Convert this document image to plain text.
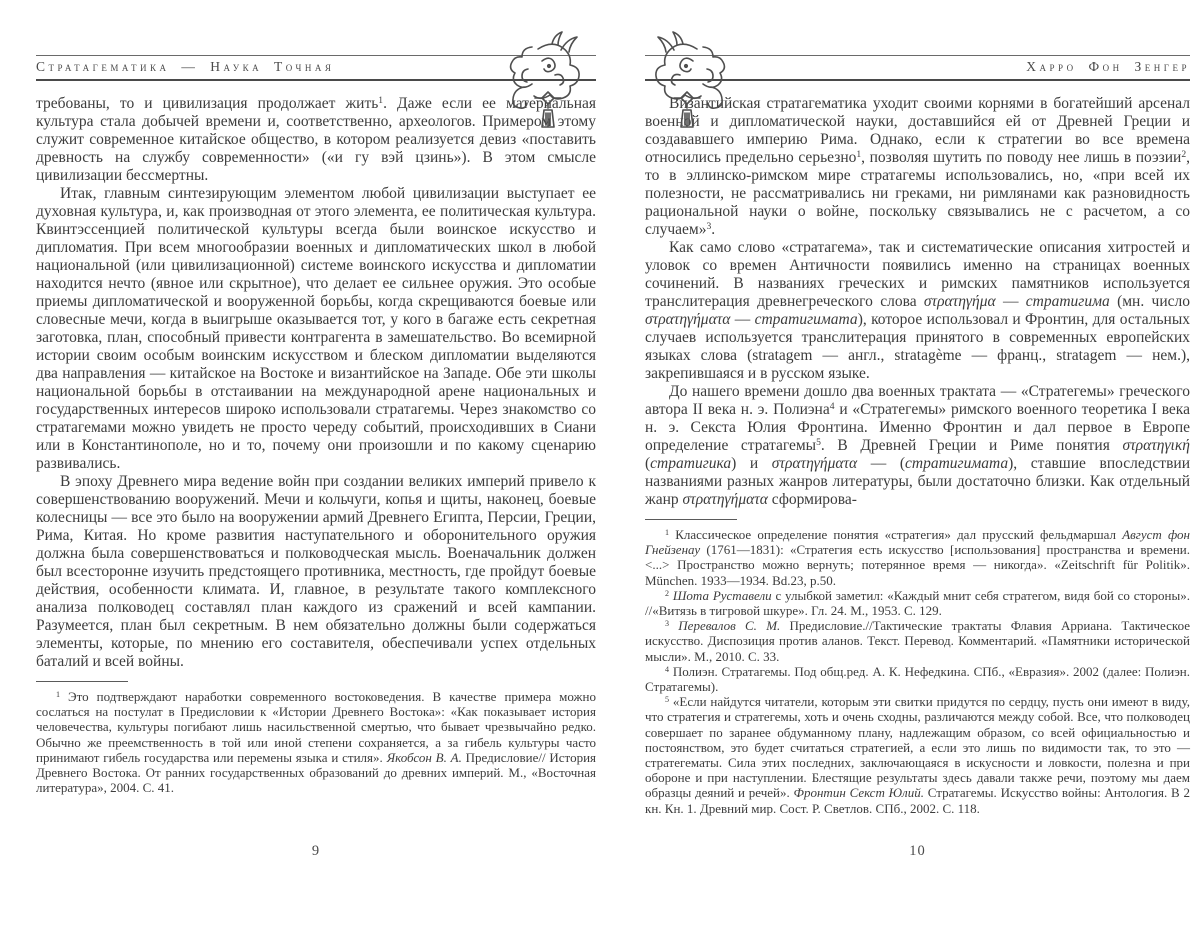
Стратагематика — Наука Точная

требованы, то и цивилизация продолжает жить$^1$. Даже если ее материальная культура стала добычей времени и, соответственно, археологов. Примером этому служит современное китайское общество, в котором реализуется девиз «поставить древность на службу современности» («и гу вэй цзинь»). В этом смысле цивилизации бессмертны.

Итак, главным синтезирующим элементом любой цивилизации выступает ее духовная культура, и, как производная от этого элемента, ее политическая культура. Квинтэссенцией политической культуры всегда были воинское искусство и дипломатия. При всем многообразии военных и дипломатических школ в любой национальной (или цивилизационной) системе воинского искусства и дипломатии находится нечто (явное или скрытное), что делает ее сильнее оружия. Это особые приемы дипломатической и вооруженной борьбы, когда скрещиваются боевые или словесные мечи, когда в выигрыше оказывается тот, у кого в багаже есть секретная заготовка, план, способный привести контрагента в замешательство. Во всемирной истории своим особым воинским искусством и блеском дипломатии выделяются два направления — китайское на Востоке и византийское на Западе. Обе эти школы национальной борьбы в отстаивании на международной арене национальных и государственных интересов широко использовали стратагемы. Через знакомство со стратагемами можно увидеть не просто череду событий, происходивших в Сиани или в Константинополе, но и то, почему они произошли и по какому сценарию развивались.

В эпоху Древнего мира ведение войн при создании великих империй привело к совершенствованию вооружений. Мечи и кольчуги, копья и щиты, наконец, боевые колесницы — все это было на вооружении армий Древнего Египта, Персии, Греции, Рима, Китая. Но кроме развития наступательного и оборонительного оружия должна была совершенствоваться и полководческая мысль. Военачальник должен был всесторонне изучить предстоящего противника, местность, где пройдут боевые действия, особенности климата. И, главное, в результате такого комплексного анализа полководец составлял план каждого из сражений и всей кампании. Разумеется, план был секретным. В нем обязательно должны были содержаться элементы, которые, по мнению его составителя, обеспечивали успех отдельных баталий и всей войны.

$^1$ Это подтверждают наработки современного востоковедения. В качестве примера можно сослаться на постулат в Предисловии к «Истории Древнего Востока»: «Как показывает история человечества, культуры погибают лишь насильственной смертью, что бывает чрезвычайно редко. Обычно же преемственность в той или иной степени сохраняется, а за гибель культуры часто принимают гибель государства или перемены языка и стиля». Якобсон В. А. Предисловие// История Древнего Востока. От ранних государственных образований до древних империй. М., «Восточная литература», 2004. С. 41.

9
Харро Фон Зенгер

Византийская стратагематика уходит своими корнями в богатейший арсенал военной и дипломатической науки, доставшийся ей от Древней Греции и создававшего империю Рима. Однако, если к стратегии во все времена относились предельно серьезно$^1$, позволяя шутить по поводу нее лишь в поэзии$^2$, то в эллинско-римском мире стратагемы использовались, но, «при всей их полезности, не рассматривались ни греками, ни римлянами как разновидность рациональной науки о войне, поскольку связывались не с расчетом, а со случаем»$^3$.

Как само слово «стратагема», так и систематические описания хитростей и уловок со времен Античности появились именно на страницах военных сочинений. В названиях греческих и римских памятников используется транслитерация древнегреческого слова στρατηγήμα — стратигима (мн. число στρατηγήματα — стратигимата), которое использовал и Фронтин, для остальных случаев используется транслитерация принятого в современных европейских языках слова (stratagem — англ., stratagème — франц., stratagem — нем.), закрепившаяся и в русском языке.

До нашего времени дошло два военных трактата — «Стратегемы» греческого автора II века н. э. Полиэна$^4$ и «Стратегемы» римского военного теоретика I века н. э. Секста Юлия Фронтина. Именно Фронтин и дал первое в Европе определение стратагемы$^5$. В Древней Греции и Риме понятия στρατηγική (стратигика) и στρατηγήματα — (стратигимата), ставшие впоследствии названиями разных жанров литературы, были достаточно близки. Как отдельный жанр στρατηγήματα сформирова-

$^1$ Классическое определение понятия «стратегия» дал прусский фельдмаршал Август фон Гнейзенау (1761—1831): «Стратегия есть искусство [использования] пространства и времени. <...> Пространство можно вернуть; потерянное время — никогда». «Zeitschrift für Politik». München. 1933—1934. Bd.23, p.50.

$^2$ Шота Руставели с улыбкой заметил: «Каждый мнит себя стратегом, видя бой со стороны». //«Витязь в тигровой шкуре». Гл. 24. М., 1953. С. 129.

$^3$ Перевалов С. М. Предисловие.//Тактические трактаты Флавия Арриана. Тактическое искусство. Диспозиция против аланов. Текст. Перевод. Комментарий. «Памятники исторической мысли». М., 2010. С. 33.

$^4$ Полиэн. Стратагемы. Под общ.ред. А. К. Нефедкина. СПб., «Евразия». 2002 (далее: Полиэн. Стратагемы).

$^5$ «Если найдутся читатели, которым эти свитки придутся по сердцу, пусть они имеют в виду, что стратегия и стратегемы, хоть и очень сходны, различаются между собой. Все, что полководец совершает по заранее обдуманному плану, надлежащим образом, со всей официальностью и постоянством, это будет считаться стратегией, а если это лишь по видимости так, то это — стратегематы. Сила этих последних, заключающаяся в искусности и ловкости, полезна и при обороне и при наступлении. Блестящие результаты здесь давали также речи, поэтому мы даем образцы деяний и речей». Фронтин Секст Юлий. Стратагемы. Искусство войны: Антология. В 2 кн. Кн. 1. Древний мир. Сост. Р. Светлов. СПб., 2002. С. 118.

10
